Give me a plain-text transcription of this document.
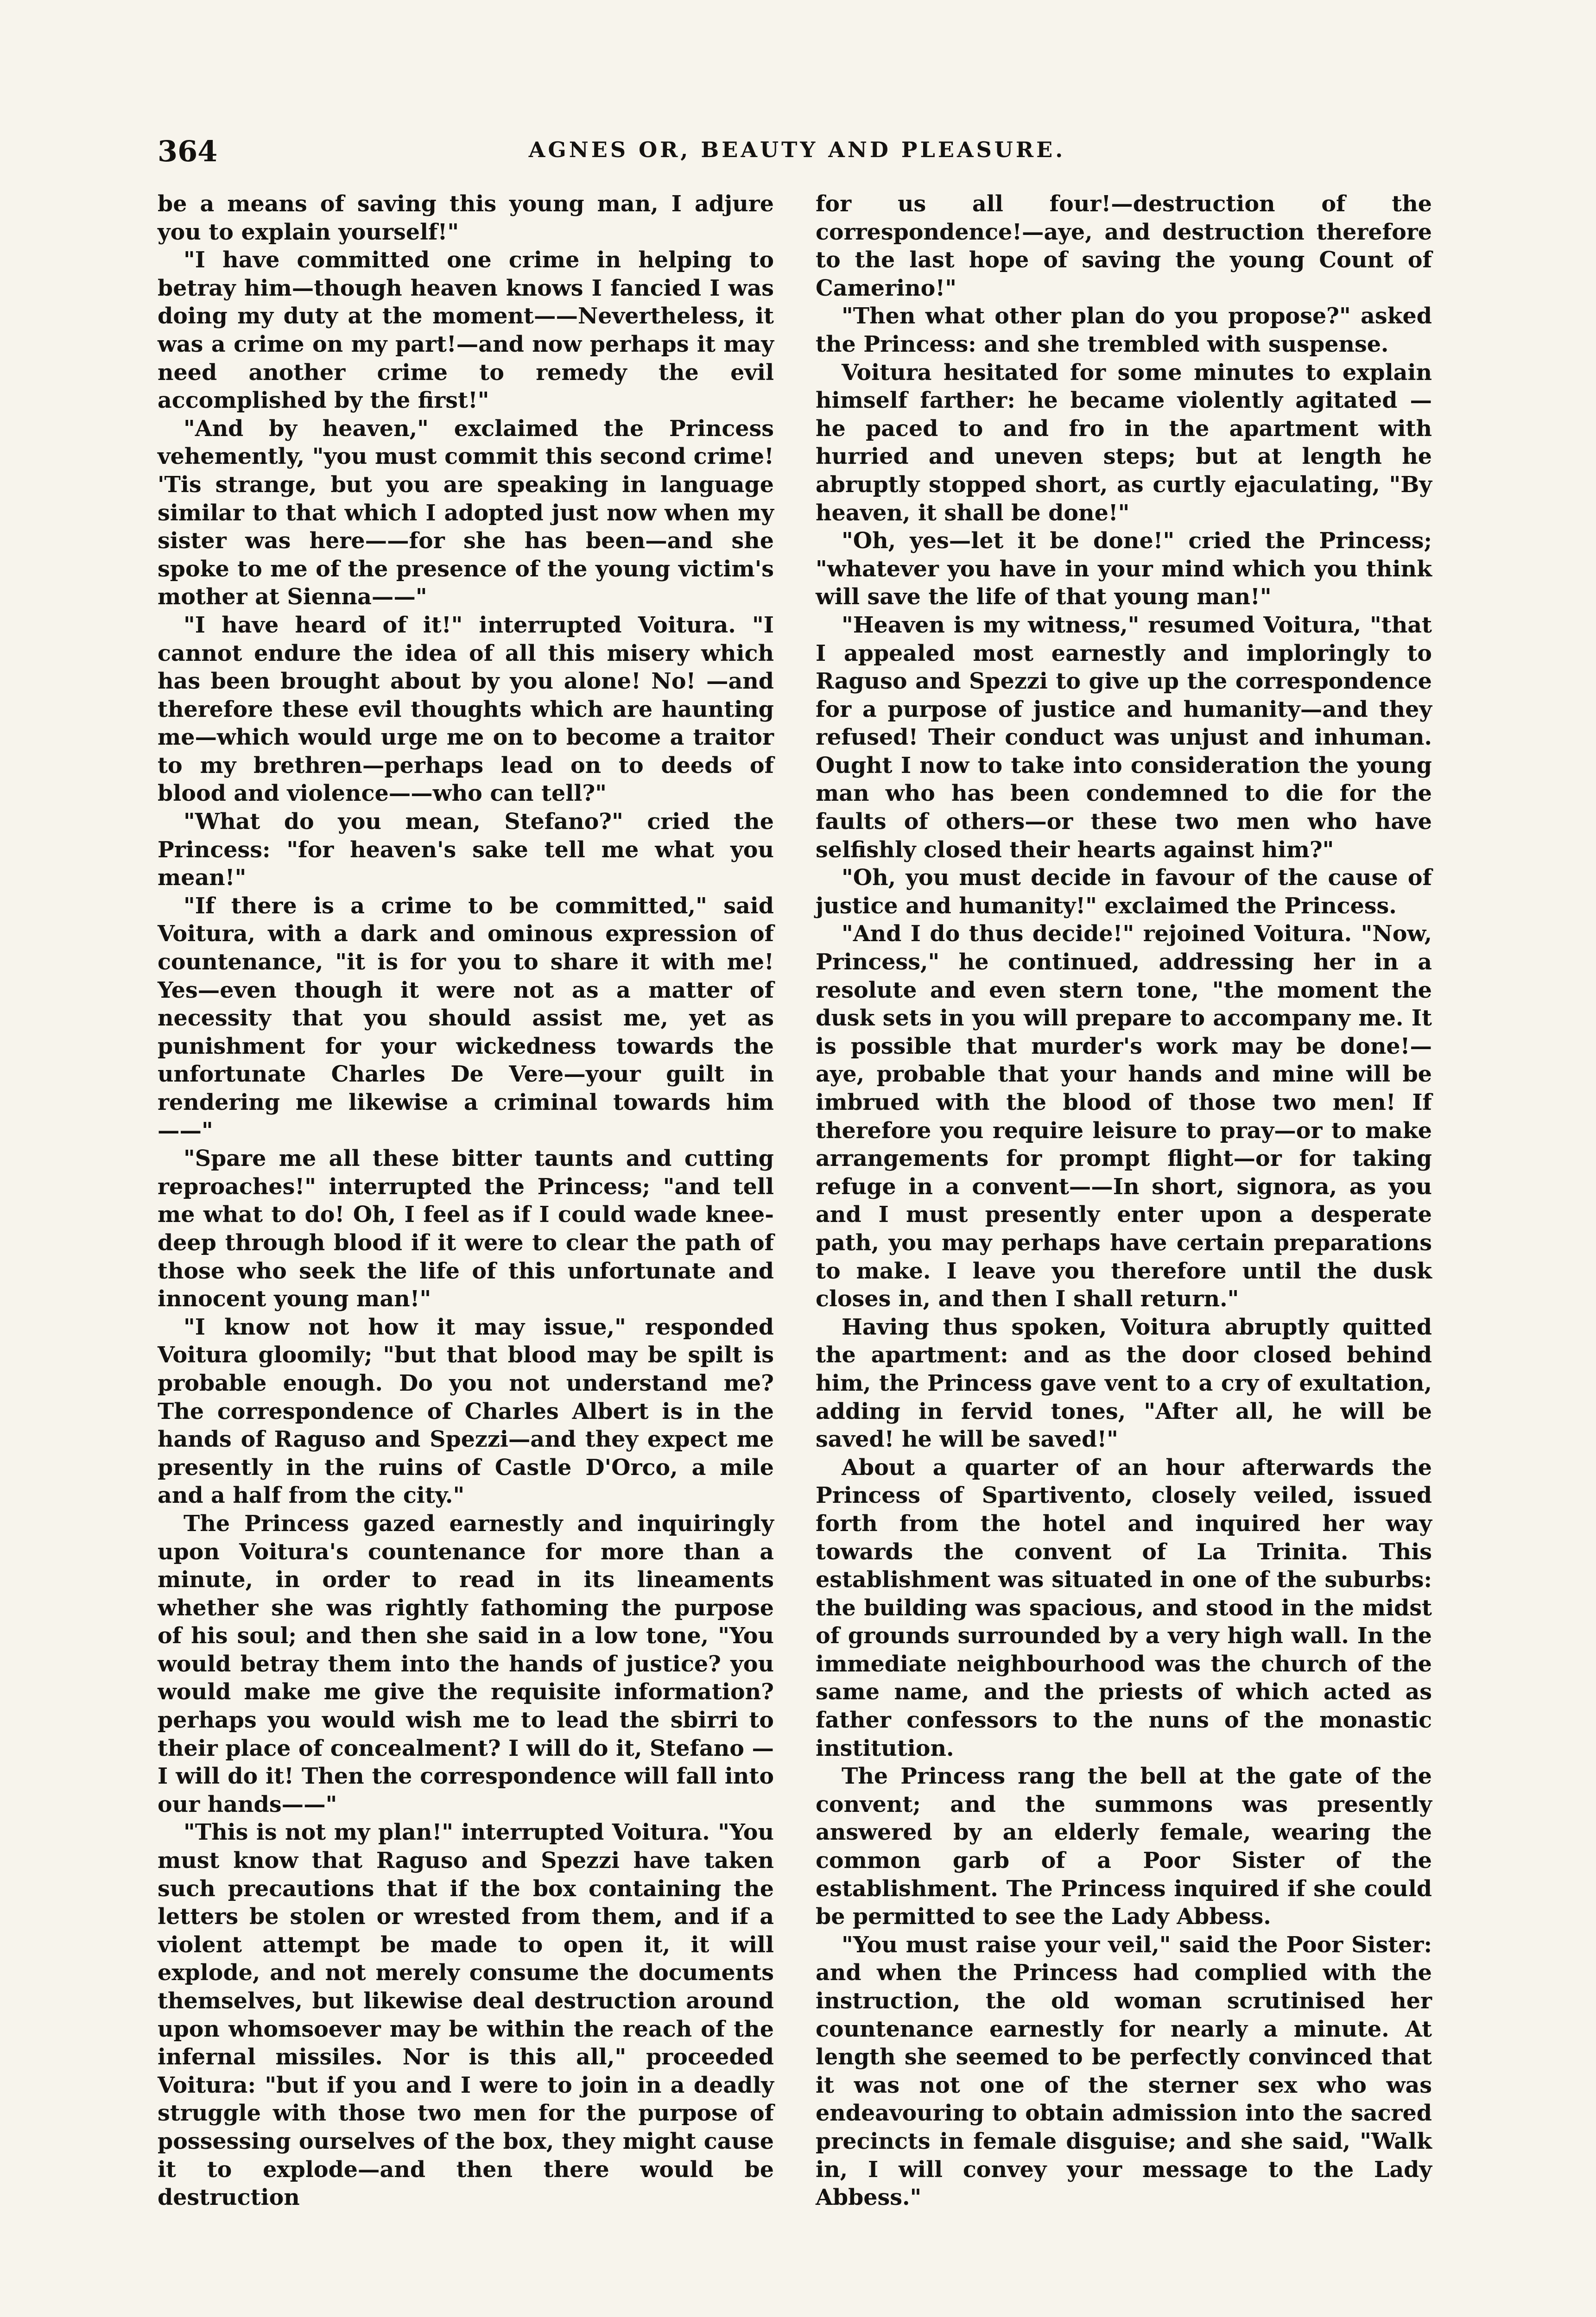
364	AGNES OR, BEAUTY AND PLEASURE.

be a means of saving this young man, I adjure you to explain yourself!"

"I have committed one crime in helping to betray him—though heaven knows I fancied I was doing my duty at the moment——Nevertheless, it was a crime on my part!—and now perhaps it may need another crime to remedy the evil accomplished by the first!"

"And by heaven," exclaimed the Princess vehemently, "you must commit this second crime! 'Tis strange, but you are speaking in language similar to that which I adopted just now when my sister was here——for she has been—and she spoke to me of the presence of the young victim's mother at Sienna——"

"I have heard of it!" interrupted Voitura. "I cannot endure the idea of all this misery which has been brought about by you alone! No! —and therefore these evil thoughts which are haunting me—which would urge me on to become a traitor to my brethren—perhaps lead on to deeds of blood and violence——who can tell?"

"What do you mean, Stefano?" cried the Princess: "for heaven's sake tell me what you mean!"

"If there is a crime to be committed," said Voitura, with a dark and ominous expression of countenance, "it is for you to share it with me! Yes—even though it were not as a matter of necessity that you should assist me, yet as punishment for your wickedness towards the unfortunate Charles De Vere—your guilt in rendering me likewise a criminal towards him——"

"Spare me all these bitter taunts and cutting reproaches!" interrupted the Princess; "and tell me what to do! Oh, I feel as if I could wade knee-deep through blood if it were to clear the path of those who seek the life of this unfortunate and innocent young man!"

"I know not how it may issue," responded Voitura gloomily; "but that blood may be spilt is probable enough. Do you not understand me? The correspondence of Charles Albert is in the hands of Raguso and Spezzi—and they expect me presently in the ruins of Castle D'Orco, a mile and a half from the city."

The Princess gazed earnestly and inquiringly upon Voitura's countenance for more than a minute, in order to read in its lineaments whether she was rightly fathoming the purpose of his soul; and then she said in a low tone, "You would betray them into the hands of justice? you would make me give the requisite information? perhaps you would wish me to lead the sbirri to their place of concealment? I will do it, Stefano —I will do it! Then the correspondence will fall into our hands——"

"This is not my plan!" interrupted Voitura. "You must know that Raguso and Spezzi have taken such precautions that if the box containing the letters be stolen or wrested from them, and if a violent attempt be made to open it, it will explode, and not merely consume the documents themselves, but likewise deal destruction around upon whomsoever may be within the reach of the infernal missiles. Nor is this all," proceeded Voitura: "but if you and I were to join in a deadly struggle with those two men for the purpose of possessing ourselves of the box, they might cause it to explode—and then there would be destruction

for us all four!—destruction of the correspondence!—aye, and destruction therefore to the last hope of saving the young Count of Camerino!"

"Then what other plan do you propose?" asked the Princess: and she trembled with suspense.

Voitura hesitated for some minutes to explain himself farther: he became violently agitated — he paced to and fro in the apartment with hurried and uneven steps; but at length he abruptly stopped short, as curtly ejaculating, "By heaven, it shall be done!"

"Oh, yes—let it be done!" cried the Princess; "whatever you have in your mind which you think will save the life of that young man!"

"Heaven is my witness," resumed Voitura, "that I appealed most earnestly and imploringly to Raguso and Spezzi to give up the correspondence for a purpose of justice and humanity—and they refused! Their conduct was unjust and inhuman. Ought I now to take into consideration the young man who has been condemned to die for the faults of others—or these two men who have selfishly closed their hearts against him?"

"Oh, you must decide in favour of the cause of justice and humanity!" exclaimed the Princess.

"And I do thus decide!" rejoined Voitura. "Now, Princess," he continued, addressing her in a resolute and even stern tone, "the moment the dusk sets in you will prepare to accompany me. It is possible that murder's work may be done!—aye, probable that your hands and mine will be imbrued with the blood of those two men! If therefore you require leisure to pray—or to make arrangements for prompt flight—or for taking refuge in a convent——In short, signora, as you and I must presently enter upon a desperate path, you may perhaps have certain preparations to make. I leave you therefore until the dusk closes in, and then I shall return."

Having thus spoken, Voitura abruptly quitted the apartment: and as the door closed behind him, the Princess gave vent to a cry of exultation, adding in fervid tones, "After all, he will be saved! he will be saved!"

About a quarter of an hour afterwards the Princess of Spartivento, closely veiled, issued forth from the hotel and inquired her way towards the convent of La Trinita. This establishment was situated in one of the suburbs: the building was spacious, and stood in the midst of grounds surrounded by a very high wall. In the immediate neighbourhood was the church of the same name, and the priests of which acted as father confessors to the nuns of the monastic institution.

The Princess rang the bell at the gate of the convent; and the summons was presently answered by an elderly female, wearing the common garb of a Poor Sister of the establishment. The Princess inquired if she could be permitted to see the Lady Abbess.

"You must raise your veil," said the Poor Sister: and when the Princess had complied with the instruction, the old woman scrutinised her countenance earnestly for nearly a minute. At length she seemed to be perfectly convinced that it was not one of the sterner sex who was endeavouring to obtain admission into the sacred precincts in female disguise; and she said, "Walk in, I will convey your message to the Lady Abbess."
